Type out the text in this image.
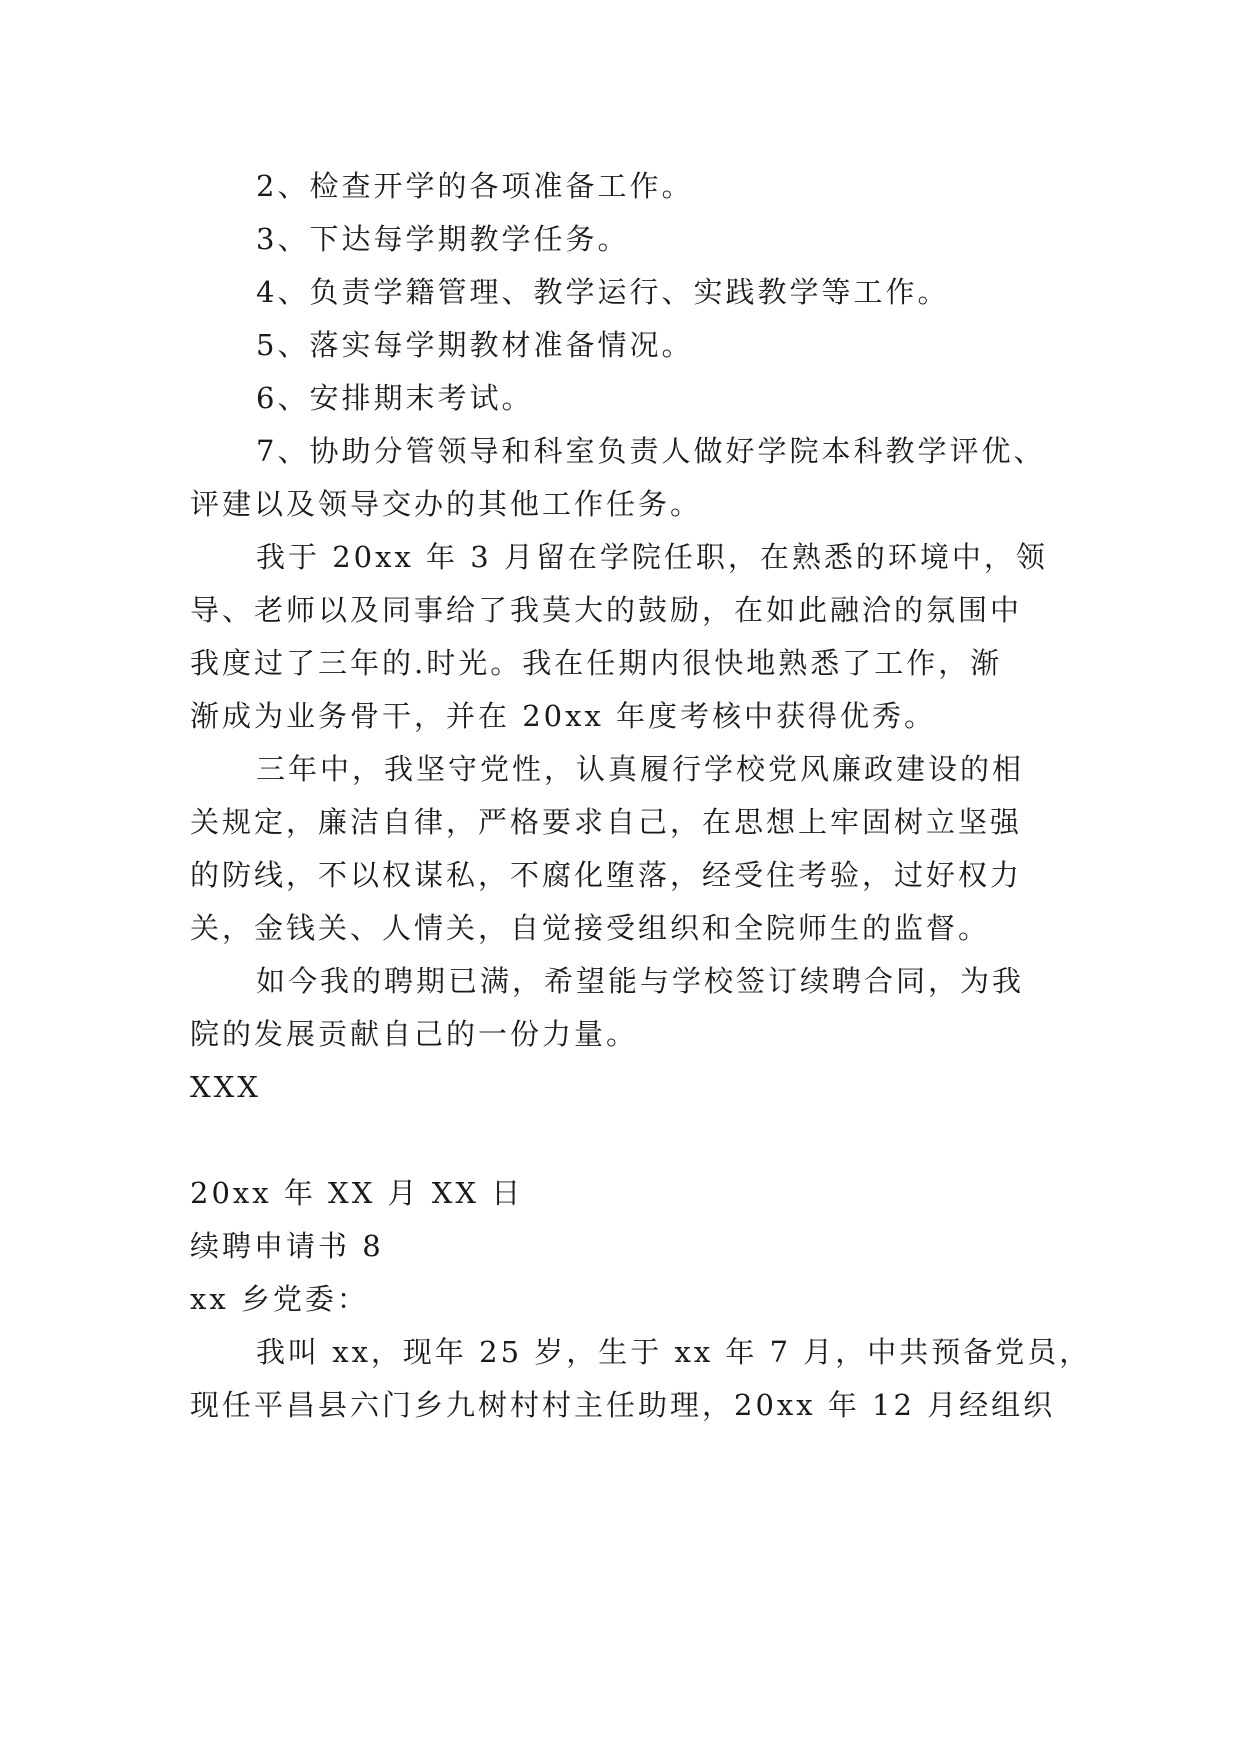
2、检查开学的各项准备工作。
3、下达每学期教学任务。
4、负责学籍管理、教学运行、实践教学等工作。
5、落实每学期教材准备情况。
6、安排期末考试。
7、协助分管领导和科室负责人做好学院本科教学评优、
评建以及领导交办的其他工作任务。
我于 20xx 年 3 月留在学院任职，在熟悉的环境中，领
导、老师以及同事给了我莫大的鼓励，在如此融洽的氛围中
我度过了三年的.时光。我在任期内很快地熟悉了工作，渐
渐成为业务骨干，并在 20xx 年度考核中获得优秀。
三年中，我坚守党性，认真履行学校党风廉政建设的相
关规定，廉洁自律，严格要求自己，在思想上牢固树立坚强
的防线，不以权谋私，不腐化堕落，经受住考验，过好权力
关，金钱关、人情关，自觉接受组织和全院师生的监督。
如今我的聘期已满，希望能与学校签订续聘合同，为我
院的发展贡献自己的一份力量。
XXX
20xx 年 XX 月 XX 日
续聘申请书 8
xx 乡党委：
我叫 xx，现年 25 岁，生于 xx 年 7 月，中共预备党员，
现任平昌县六门乡九树村村主任助理，20xx 年 12 月经组织
